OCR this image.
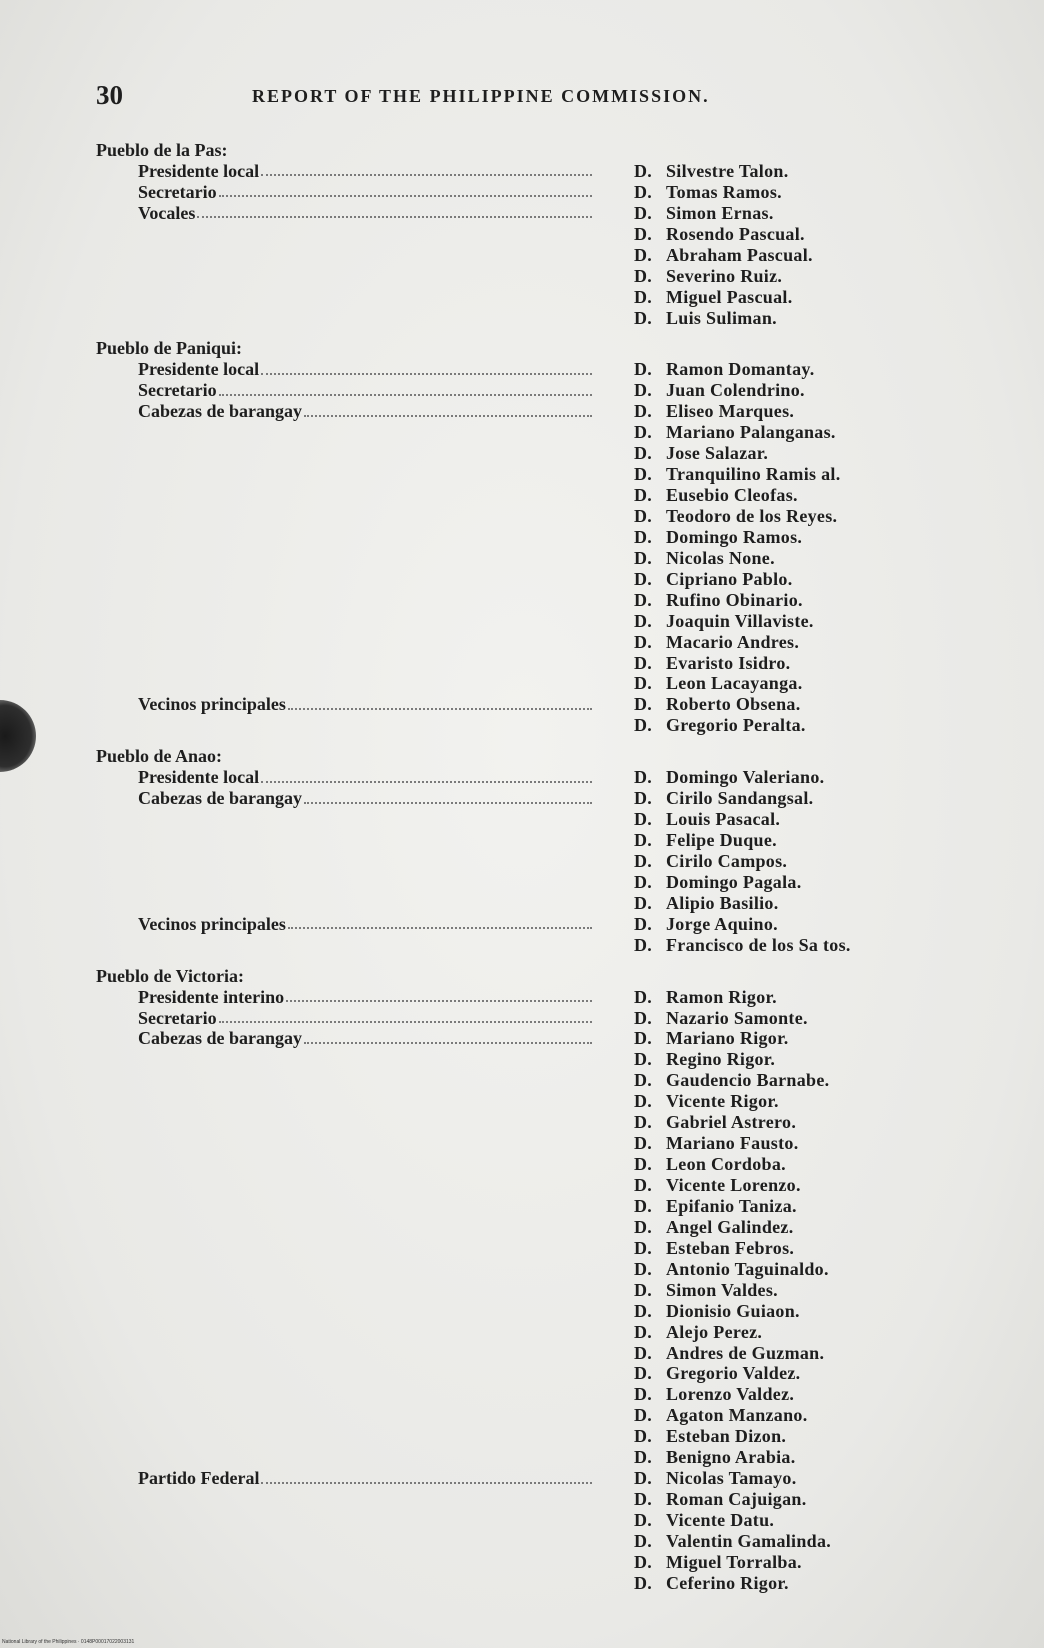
30	REPORT OF THE PHILIPPINE COMMISSION.
Pueblo de la Pas:
Presidente local	D. Silvestre Talon.
Secretario	D. Tomas Ramos.
Vocales	D. Simon Ernas.
D. Rosendo Pascual.
D. Abraham Pascual.
D. Severino Ruiz.
D. Miguel Pascual.
D. Luis Suliman.
Pueblo de Paniqui:
Presidente local	D. Ramon Domantay.
Secretario	D. Juan Colendrino.
Cabezas de barangay	D. Eliseo Marques.
D. Mariano Palanganas.
D. Jose Salazar.
D. Tranquilino Ramis al.
D. Eusebio Cleofas.
D. Teodoro de los Reyes.
D. Domingo Ramos.
D. Nicolas None.
D. Cipriano Pablo.
D. Rufino Obinario.
D. Joaquin Villaviste.
D. Macario Andres.
D. Evaristo Isidro.
D. Leon Lacayanga.
Vecinos principales	D. Roberto Obsena.
D. Gregorio Peralta.
Pueblo de Anao:
Presidente local	D. Domingo Valeriano.
Cabezas de barangay	D. Cirilo Sandangsal.
D. Louis Pasacal.
D. Felipe Duque.
D. Cirilo Campos.
D. Domingo Pagala.
D. Alipio Basilio.
Vecinos principales	D. Jorge Aquino.
D. Francisco de los Sa tos.
Pueblo de Victoria:
Presidente interino	D. Ramon Rigor.
Secretario	D. Nazario Samonte.
Cabezas de barangay	D. Mariano Rigor.
D. Regino Rigor.
D. Gaudencio Barnabe.
D. Vicente Rigor.
D. Gabriel Astrero.
D. Mariano Fausto.
D. Leon Cordoba.
D. Vicente Lorenzo.
D. Epifanio Taniza.
D. Angel Galindez.
D. Esteban Febros.
D. Antonio Taguinaldo.
D. Simon Valdes.
D. Dionisio Guiaon.
D. Alejo Perez.
D. Andres de Guzman.
D. Gregorio Valdez.
D. Lorenzo Valdez.
D. Agaton Manzano.
D. Esteban Dizon.
D. Benigno Arabia.
Partido Federal	D. Nicolas Tamayo.
D. Roman Cajuigan.
D. Vicente Datu.
D. Valentin Gamalinda.
D. Miguel Torralba.
D. Ceferino Rigor.
National Library of the Philippines · 0148P00017022003131
